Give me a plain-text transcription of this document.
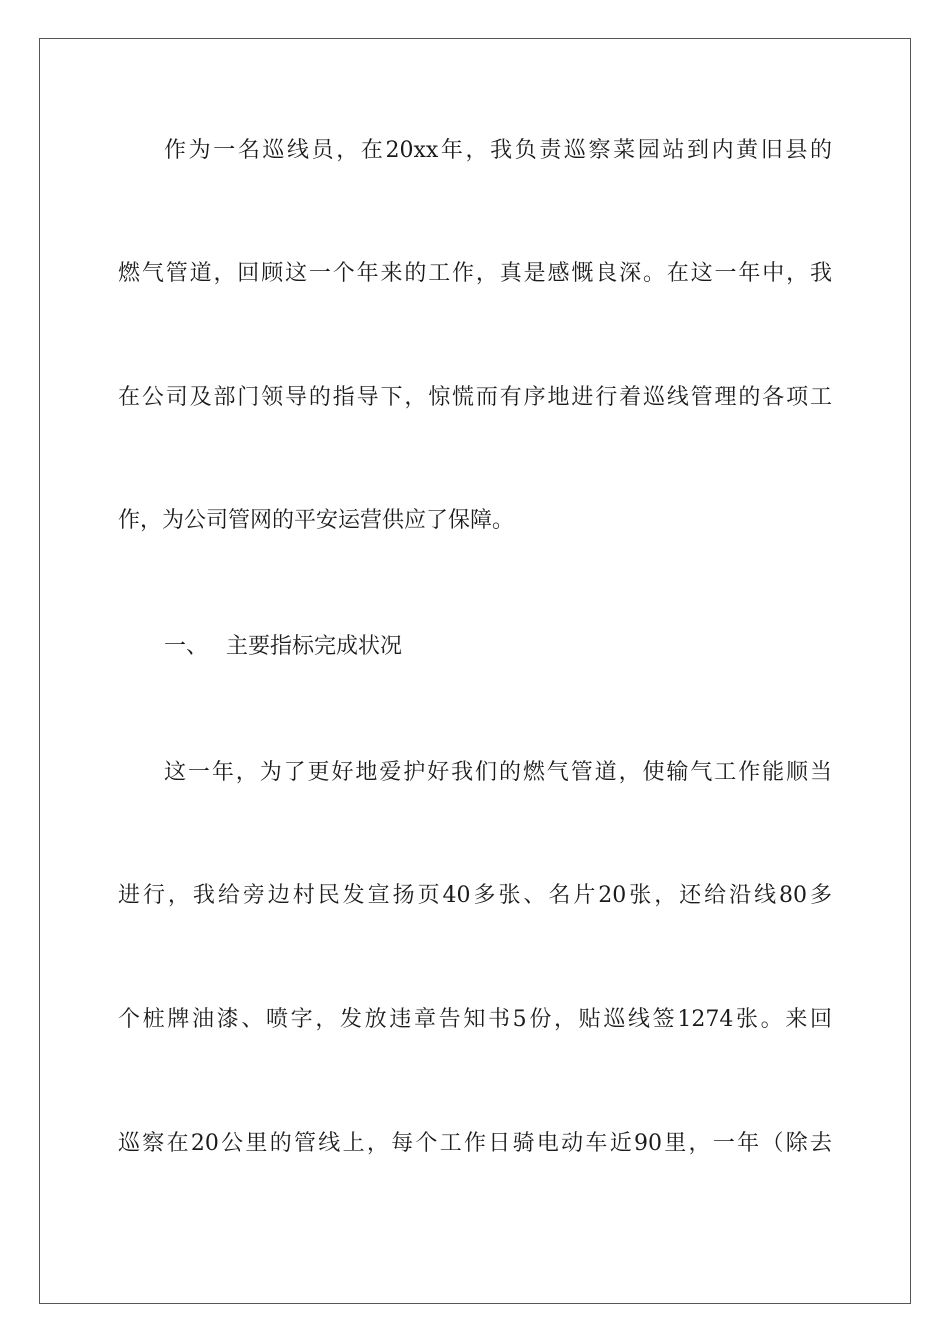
作为一名巡线员，在20xx年，我负责巡察菜园站到内黄旧县的
燃气管道，回顾这一个年来的工作，真是感慨良深。在这一年中，我
在公司及部门领导的指导下，惊慌而有序地进行着巡线管理的各项工
作，为公司管网的平安运营供应了保障。
一、 主要指标完成状况
这一年，为了更好地爱护好我们的燃气管道，使输气工作能顺当
进行，我给旁边村民发宣扬页40多张、名片20张，还给沿线80多
个桩牌油漆、喷字，发放违章告知书5份，贴巡线签1274张。来回
巡察在20公里的管线上，每个工作日骑电动车近90里，一年（除去
